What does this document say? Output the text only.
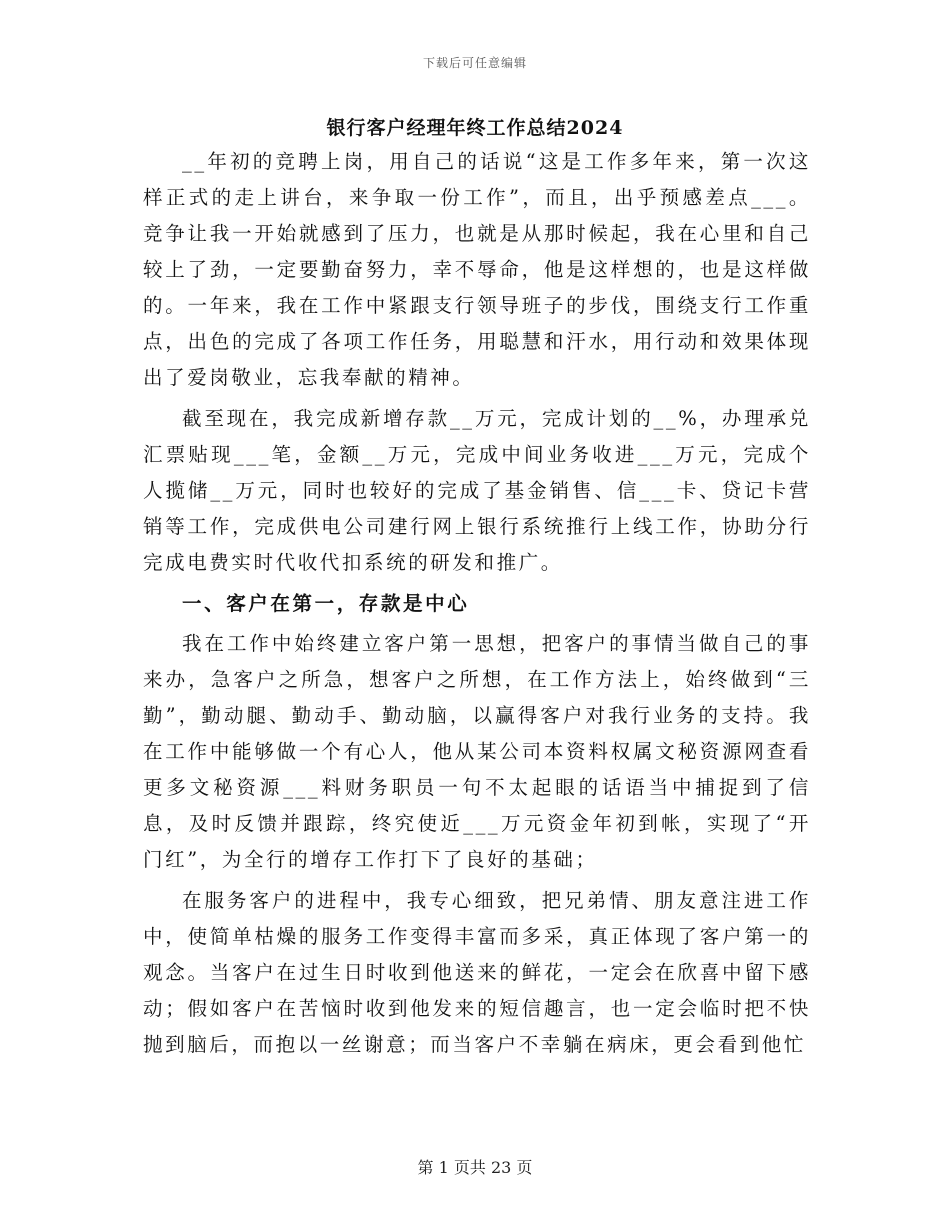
下载后可任意编辑
银行客户经理年终工作总结2024

__年初的竞聘上岗，用自己的话说“这是工作多年来，第一次这样正式的走上讲台，来争取一份工作”，而且，出乎预感差点___。竞争让我一开始就感到了压力，也就是从那时候起，我在心里和自己较上了劲，一定要勤奋努力，幸不辱命，他是这样想的，也是这样做的。一年来，我在工作中紧跟支行领导班子的步伐，围绕支行工作重点，出色的完成了各项工作任务，用聪慧和汗水，用行动和效果体现出了爱岗敬业，忘我奉献的精神。

截至现在，我完成新增存款__万元，完成计划的__%，办理承兑汇票贴现___笔，金额__万元，完成中间业务收进___万元，完成个人揽储__万元，同时也较好的完成了基金销售、信___卡、贷记卡营销等工作，完成供电公司建行网上银行系统推行上线工作，协助分行完成电费实时代收代扣系统的研发和推广。

一、客户在第一，存款是中心

我在工作中始终建立客户第一思想，把客户的事情当做自己的事来办，急客户之所急，想客户之所想，在工作方法上，始终做到“三勤”，勤动腿、勤动手、勤动脑，以赢得客户对我行业务的支持。我在工作中能够做一个有心人，他从某公司本资料权属文秘资源网查看更多文秘资源___料财务职员一句不太起眼的话语当中捕捉到了信息，及时反馈并跟踪，终究使近___万元资金年初到帐，实现了“开门红”，为全行的增存工作打下了良好的基础；

在服务客户的进程中，我专心细致，把兄弟情、朋友意注进工作中，使简单枯燥的服务工作变得丰富而多采，真正体现了客户第一的观念。当客户在过生日时收到他送来的鲜花，一定会在欣喜中留下感动；假如客户在苦恼时收到他发来的短信趣言，也一定会临时把不快抛到脑后，而抱以一丝谢意；而当客户不幸躺在病床，更会看到他忙

第 1 页共 23 页
